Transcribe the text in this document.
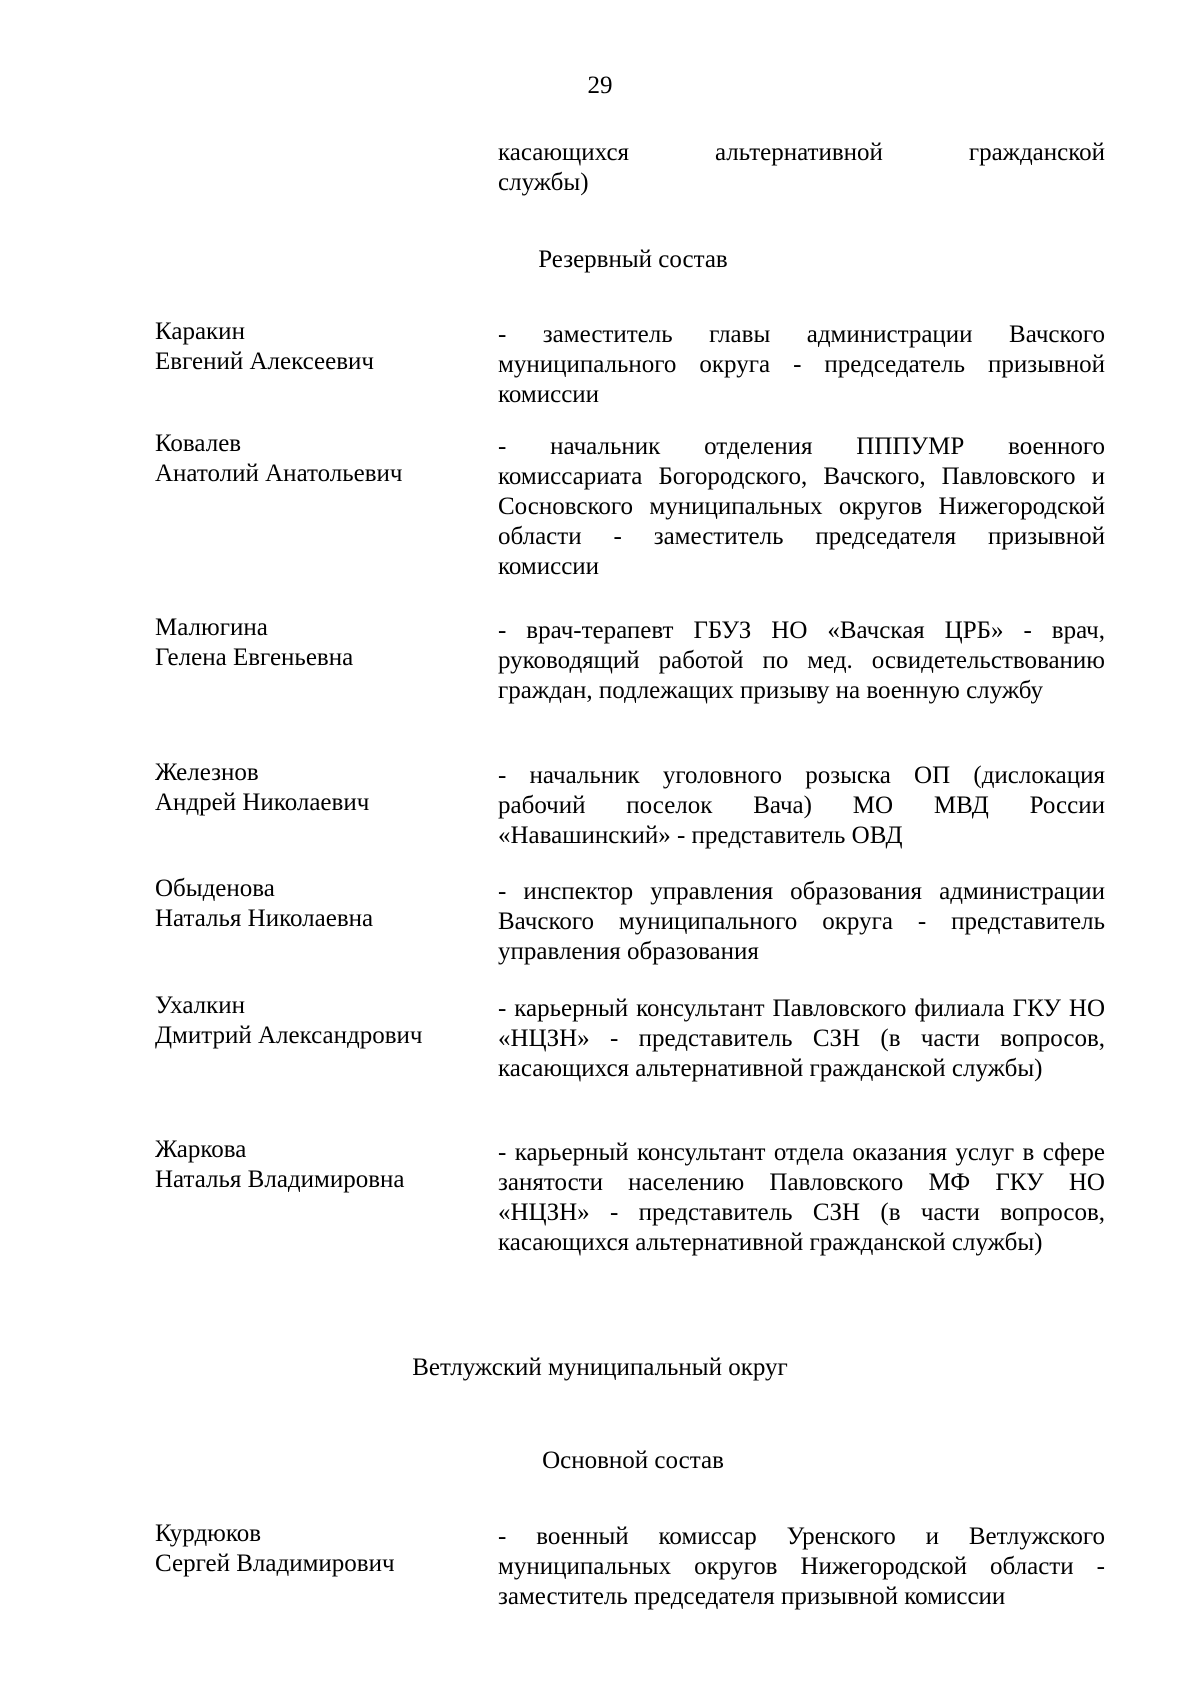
29
касающихся альтернативной гражданской
службы)
Резервный состав
Каракин
Евгений Алексеевич
- заместитель главы администрации Вачского муниципального округа - председатель призывной комиссии
Ковалев
Анатолий Анатольевич
- начальник отделения ПППУМР военного комиссариата Богородского, Вачского, Павловского и Сосновского муниципальных округов Нижегородской области - заместитель председателя призывной комиссии
Малюгина
Гелена Евгеньевна
- врач-терапевт ГБУЗ НО «Вачская ЦРБ» - врач, руководящий работой по мед. освидетельствованию граждан, подлежащих призыву на военную службу
Железнов
Андрей Николаевич
- начальник уголовного розыска ОП (дислокация рабочий поселок Вача) МО МВД России «Навашинский» - представитель ОВД
Обыденова
Наталья Николаевна
- инспектор управления образования администрации Вачского муниципального округа - представитель управления образования
Ухалкин
Дмитрий Александрович
- карьерный консультант Павловского филиала ГКУ НО «НЦЗН» - представитель СЗН (в части вопросов, касающихся альтернативной гражданской службы)
Жаркова
Наталья Владимировна
- карьерный консультант отдела оказания услуг в сфере занятости населению Павловского МФ ГКУ НО «НЦЗН» - представитель СЗН (в части вопросов, касающихся альтернативной гражданской службы)
Ветлужский муниципальный округ
Основной состав
Курдюков
Сергей Владимирович
- военный комиссар Уренского и Ветлужского муниципальных округов Нижегородской области - заместитель председателя призывной комиссии
